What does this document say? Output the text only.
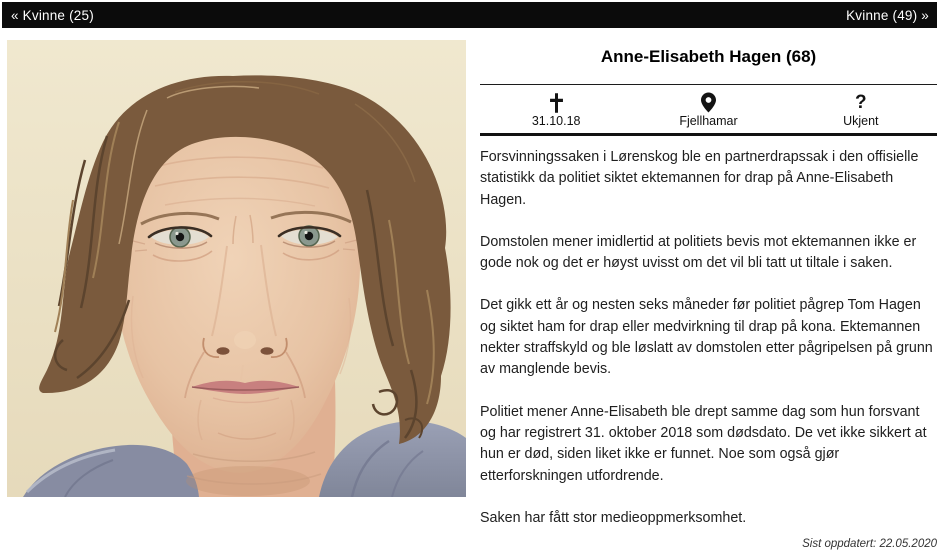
« Kvinne (25)	Kvinne (49) »
Anne-Elisabeth Hagen (68)
31.10.18	Fjellhamar
?
Ukjent

Forsvinningssaken i Lørenskog ble en partnerdrapssak i den offisielle statistikk da politiet siktet ektemannen for drap på Anne-Elisabeth Hagen.

Domstolen mener imidlertid at politiets bevis mot ektemannen ikke er gode nok og det er høyst uvisst om det vil bli tatt ut tiltale i saken.

Det gikk ett år og nesten seks måneder før politiet pågrep Tom Hagen og siktet ham for drap eller medvirkning til drap på kona. Ektemannen nekter straffskyld og ble løslatt av domstolen etter pågripelsen på grunn av manglende bevis.

Politiet mener Anne-Elisabeth ble drept samme dag som hun forsvant og har registrert 31. oktober 2018 som dødsdato. De vet ikke sikkert at hun er død, siden liket ikke er funnet. Noe som også gjør etterforskningen utfordrende.

Saken har fått stor medieoppmerksomhet.

Sist oppdatert: 22.05.2020
